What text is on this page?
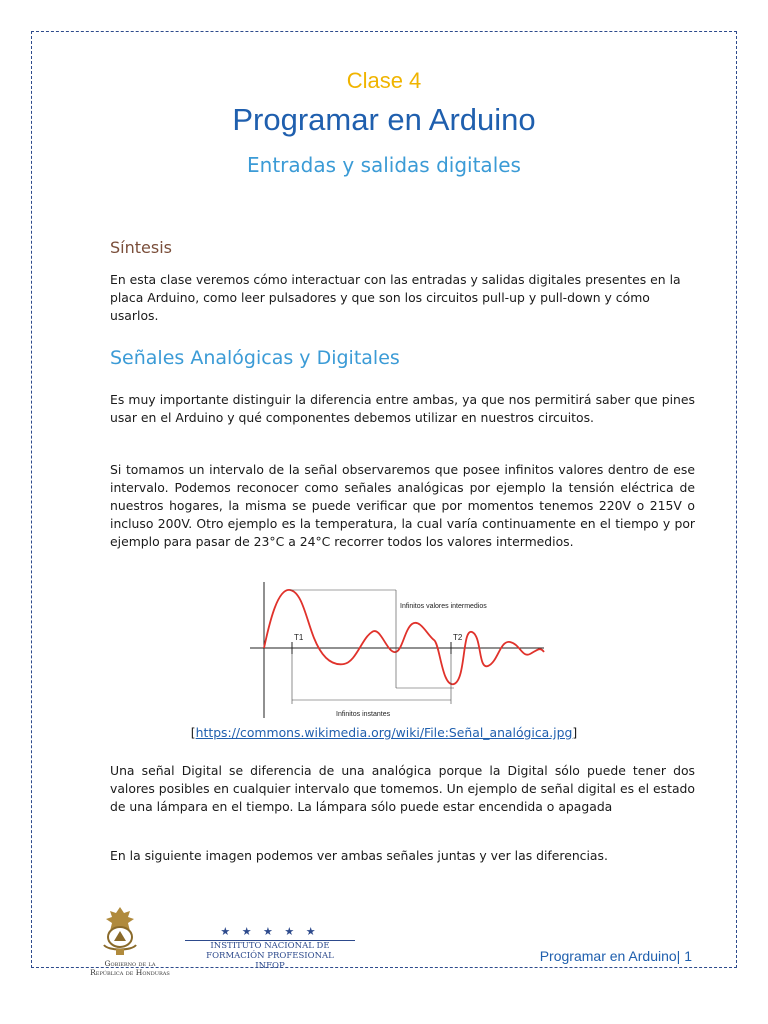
Clase 4
Programar en Arduino
Entradas y salidas digitales
Síntesis

En esta clase veremos cómo interactuar con las entradas y salidas digitales presentes en la placa Arduino, como leer pulsadores y que son los circuitos pull-up y pull-down y cómo usarlos.

Señales Analógicas y Digitales

Es muy importante distinguir la diferencia entre ambas, ya que nos permitirá saber que pines usar en el Arduino y qué componentes debemos utilizar en nuestros circuitos.

Si tomamos un intervalo de la señal observaremos que posee infinitos valores dentro de ese intervalo. Podemos reconocer como señales analógicas por ejemplo la tensión eléctrica de nuestros hogares, la misma se puede verificar que por momentos tenemos 220V o 215V o incluso 200V. Otro ejemplo es la temperatura, la cual varía continuamente en el tiempo y por ejemplo para pasar de 23°C a 24°C recorrer todos los valores intermedios.

T1	T2
Infinitos valores intermedios
Infinitos instantes
[https://commons.wikimedia.org/wiki/File:Señal_analógica.jpg]

Una señal Digital se diferencia de una analógica porque la Digital sólo puede tener dos valores posibles en cualquier intervalo que tomemos. Un ejemplo de señal digital es el estado de una lámpara en el tiempo. La lámpara sólo puede estar encendida o apagada

En la siguiente imagen podemos ver ambas señales juntas y ver las diferencias.

Gobierno de la
República de Honduras
★ ★ ★ ★ ★
INSTITUTO NACIONAL DE
FORMACIÓN PROFESIONAL
INFOP
Programar en Arduino| 1
